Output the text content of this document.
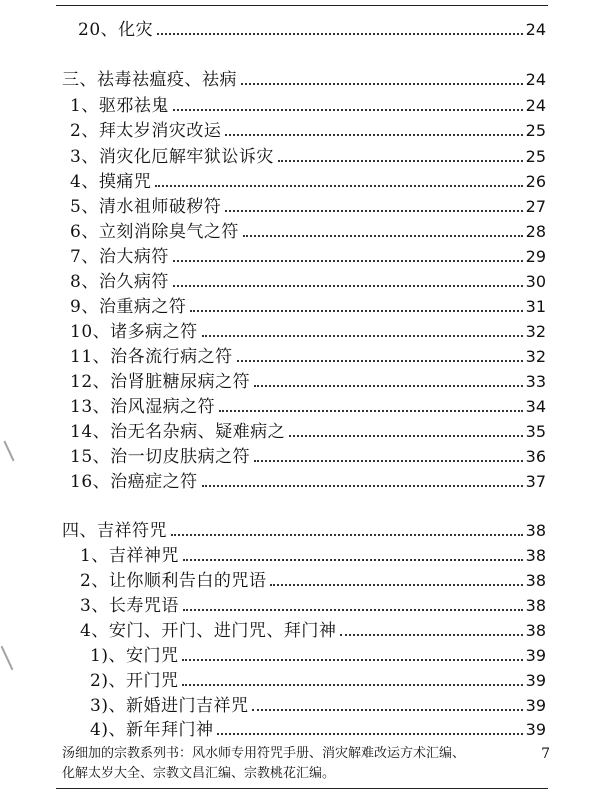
20、化灾	24
三、祛毒祛瘟疫、祛病	24
1、驱邪祛鬼	24
2、拜太岁消灾改运	25
3、消灾化厄解牢狱讼诉灾	25
4、摸痛咒	26
5、清水祖师破秽符	27
6、立刻消除臭气之符	28
7、治大病符	29
8、治久病符	30
9、治重病之符	31
10、诸多病之符	32
11、治各流行病之符	32
12、治肾脏糖尿病之符	33
13、治风湿病之符	34
14、治无名杂病、疑难病之	35
15、治一切皮肤病之符	36
16、治癌症之符	37
四、吉祥符咒	38
1、吉祥神咒	38
2、让你顺利告白的咒语	38
3、长寿咒语	38
4、安门、开门、进门咒、拜门神	38
1)、安门咒	39
2)、开门咒	39
3)、新婚进门吉祥咒	39
4)、新年拜门神	39
汤细加的宗教系列书：风水师专用符咒手册、消灾解难改运方术汇编、	7
化解太岁大全、宗教文昌汇编、宗教桃花汇编。
